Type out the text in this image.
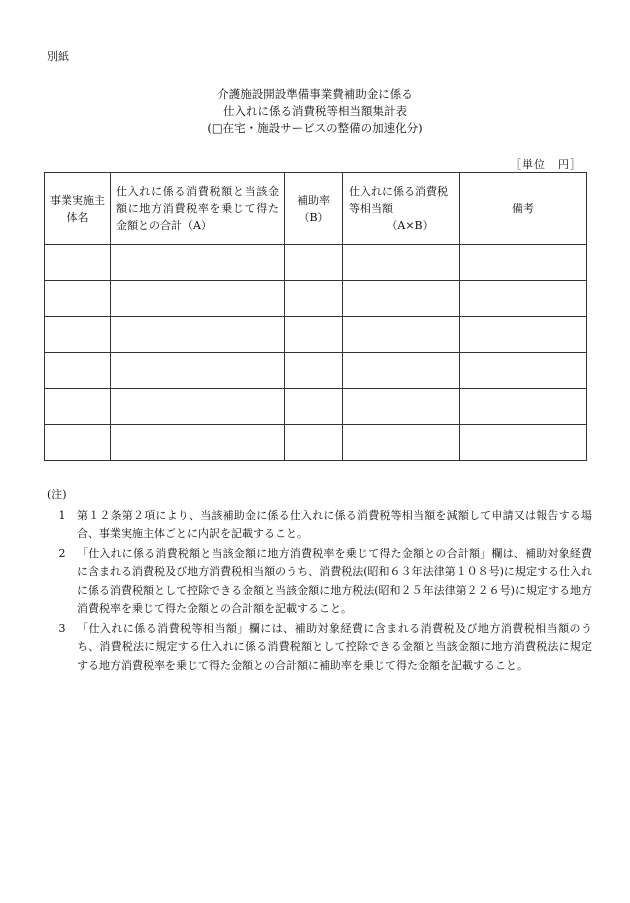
別紙
介護施設開設準備事業費補助金に係る
仕入れに係る消費税等相当額集計表
(□在宅・施設サービスの整備の加速化分)
［単位　円］
事業実施主体名	仕入れに係る消費税額と当該金額に地方消費税率を乗じて得た金額との合計（A）	補助率（B）	仕入れに係る消費税等相当額
（A×B）	備考

(注)
1	第１２条第２項により、当該補助金に係る仕入れに係る消費税等相当額を減額して申請又は報告する場合、事業実施主体ごとに内訳を記載すること。
2	「仕入れに係る消費税額と当該金額に地方消費税率を乗じて得た金額との合計額」欄は、補助対象経費に含まれる消費税及び地方消費税相当額のうち、消費税法(昭和６３年法律第１０８号)に規定する仕入れに係る消費税額として控除できる金額と当該金額に地方税法(昭和２５年法律第２２６号)に規定する地方消費税率を乗じて得た金額との合計額を記載すること。
3	「仕入れに係る消費税等相当額」欄には、補助対象経費に含まれる消費税及び地方消費税相当額のうち、消費税法に規定する仕入れに係る消費税額として控除できる金額と当該金額に地方消費税法に規定する地方消費税率を乗じて得た金額との合計額に補助率を乗じて得た金額を記載すること。
